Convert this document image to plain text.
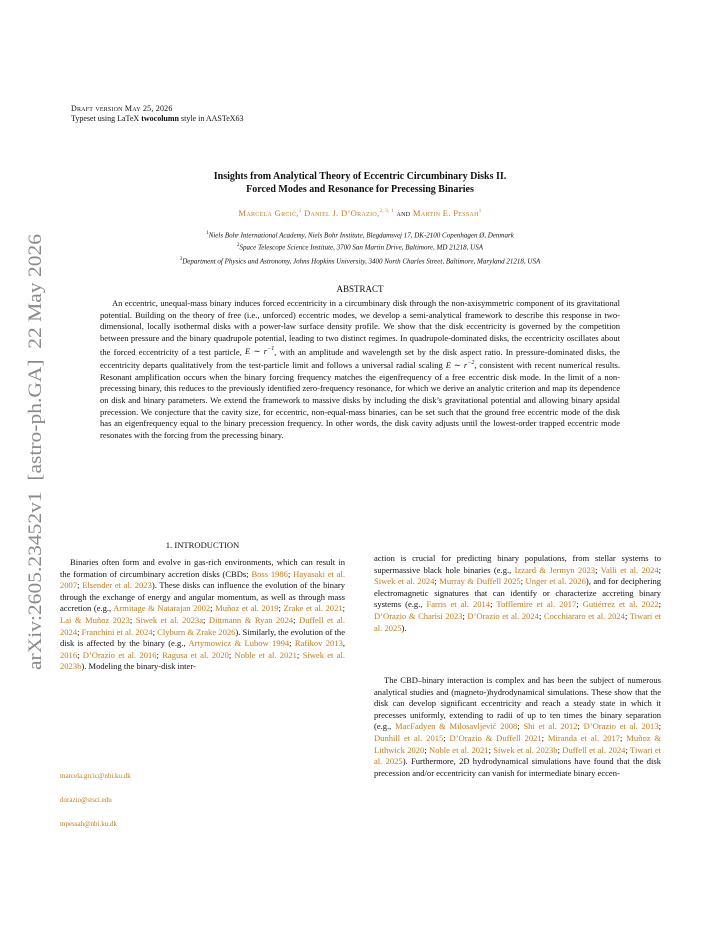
arXiv:2605.23452v1  [astro-ph.GA]  22 May 2026
Draft version May 25, 2026
Typeset using LaTeX twocolumn style in AASTeX63
Insights from Analytical Theory of Eccentric Circumbinary Disks II.
Forced Modes and Resonance for Precessing Binaries
Marcela Grcić,$^1$ Daniel J. D’Orazio,$^{2, 3, 1}$ and Martin E. Pessah$^1$
$^1$Niels Bohr International Academy, Niels Bohr Institute, Blegdamsvej 17, DK-2100 Copenhagen Ø, Denmark
$^2$Space Telescope Science Institute, 3700 San Martin Drive, Baltimore, MD 21218, USA
$^3$Department of Physics and Astronomy, Johns Hopkins University, 3400 North Charles Street, Baltimore, Maryland 21218, USA
ABSTRACT

An eccentric, unequal-mass binary induces forced eccentricity in a circumbinary disk through the non-axisymmetric component of its gravitational potential. Building on the theory of free (i.e., unforced) eccentric modes, we develop a semi-analytical framework to describe this response in two-dimensional, locally isothermal disks with a power-law surface density profile. We show that the disk eccentricity is governed by the competition between pressure and the binary quadrupole potential, leading to two distinct regimes. In quadrupole-dominated disks, the eccentricity oscillates about the forced eccentricity of a test particle, E ∼ $r^{-1}$, with an amplitude and wavelength set by the disk aspect ratio. In pressure-dominated disks, the eccentricity departs qualitatively from the test-particle limit and follows a universal radial scaling E ∼ $r^{-2}$, consistent with recent numerical results. Resonant amplification occurs when the binary forcing frequency matches the eigenfrequency of a free eccentric disk mode. In the limit of a non-precessing binary, this reduces to the previously identified zero-frequency resonance, for which we derive an analytic criterion and map its dependence on disk and binary parameters. We extend the framework to massive disks by including the disk’s gravitational potential and allowing binary apsidal precession. We conjecture that the cavity size, for eccentric, non-equal-mass binaries, can be set such that the ground free eccentric mode of the disk has an eigenfrequency equal to the binary precession frequency. In other words, the disk cavity adjusts until the lowest-order trapped eccentric mode resonates with the forcing from the precessing binary.

1. INTRODUCTION

Binaries often form and evolve in gas-rich environments, which can result in the formation of circumbinary accretion disks (CBDs; Boss 1986; Hayasaki et al. 2007; Elsender et al. 2023). These disks can influence the evolution of the binary through the exchange of energy and angular momentum, as well as through mass accretion (e.g., Armitage & Natarajan 2002; Muñoz et al. 2019; Zrake et al. 2021; Lai & Muñoz 2023; Siwek et al. 2023a; Dittmann & Ryan 2024; Duffell et al. 2024; Franchini et al. 2024; Clyburn & Zrake 2026). Similarly, the evolution of the disk is affected by the binary (e.g., Artymowicz & Lubow 1994; Rafikov 2013, 2016; D’Orazio et al. 2016; Ragusa et al. 2020; Noble et al. 2021; Siwek et al. 2023b). Modeling the binary-disk inter-

marcela.grcic@nbi.ku.dk
dorazio@stsci.edu
mpessah@nbi.ku.dk

action is crucial for predicting binary populations, from stellar systems to supermassive black hole binaries (e.g., Izzard & Jermyn 2023; Valli et al. 2024; Siwek et al. 2024; Murray & Duffell 2025; Unger et al. 2026), and for deciphering electromagnetic signatures that can identify or characterize accreting binary systems (e.g., Farris et al. 2014; Tofflemire et al. 2017; Gutiérrez et al. 2022; D’Orazio & Charisi 2023; D’Orazio et al. 2024; Cocchiararo et al. 2024; Tiwari et al. 2025).

The CBD–binary interaction is complex and has been the subject of numerous analytical studies and (magneto-)hydrodynamical simulations. These show that the disk can develop significant eccentricity and reach a steady state in which it precesses uniformly, extending to radii of up to ten times the binary separation (e.g., MacFadyen & Milosavljević 2008; Shi et al. 2012; D’Orazio et al. 2013; Dunhill et al. 2015; D’Orazio & Duffell 2021; Miranda et al. 2017; Muñoz & Lithwick 2020; Noble et al. 2021; Siwek et al. 2023b; Duffell et al. 2024; Tiwari et al. 2025). Furthermore, 2D hydrodynamical simulations have found that the disk precession and/or eccentricity can vanish for intermediate binary eccen-
